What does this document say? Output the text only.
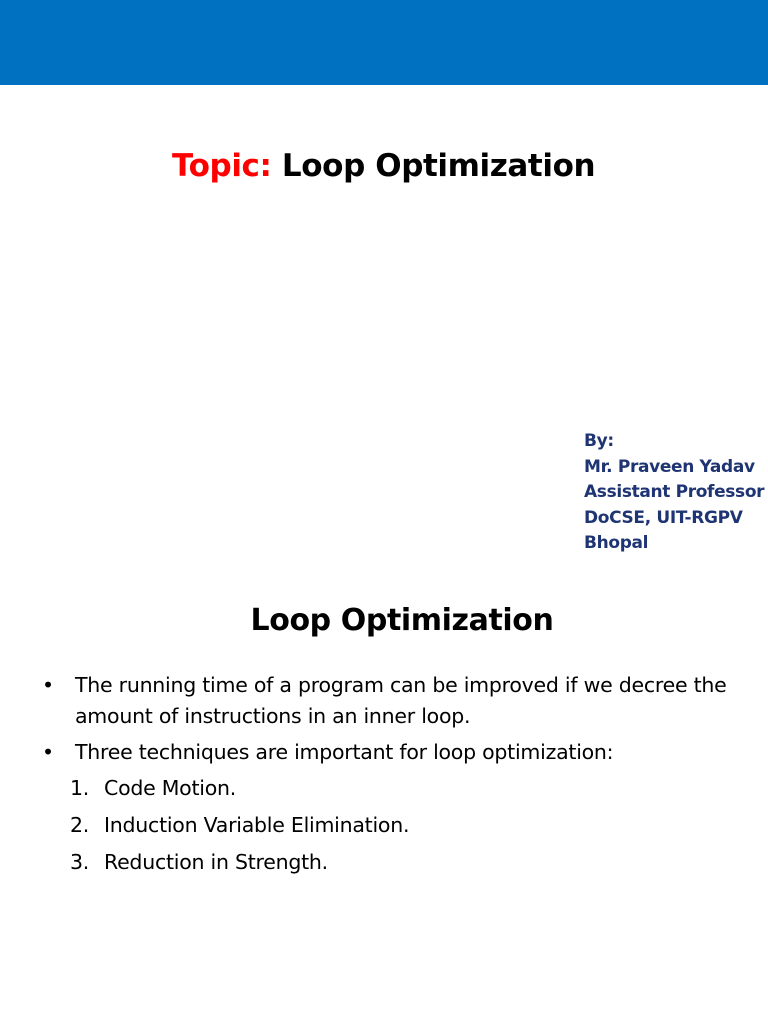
Topic: Loop Optimization
By:
Mr. Praveen Yadav
Assistant Professor
DoCSE, UIT-RGPV
Bhopal
Loop Optimization
• The running time of a program can be improved if we decree the amount of instructions in an inner loop.
• Three techniques are important for loop optimization:
1. Code Motion.
2. Induction Variable Elimination.
3. Reduction in Strength.
